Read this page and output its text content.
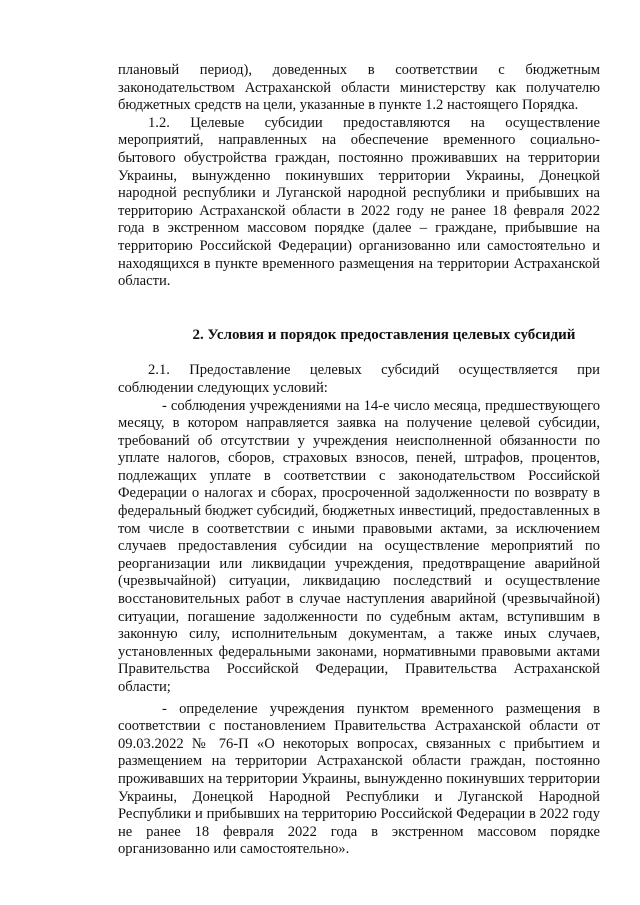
плановый период), доведенных в соответствии с бюджетным законодательством Астраханской области министерству как получателю бюджетных средств на цели, указанные в пункте 1.2 настоящего Порядка.

1.2. Целевые субсидии предоставляются на осуществление мероприятий, направленных на обеспечение временного социально-бытового обустройства граждан, постоянно проживавших на территории Украины, вынужденно покинувших территории Украины, Донецкой народной республики и Луганской народной республики и прибывших на территорию Астраханской области в 2022 году не ранее 18 февраля 2022 года в экстренном массовом порядке (далее – граждане, прибывшие на территорию Российской Федерации) организованно или самостоятельно и находящихся в пункте временного размещения на территории Астраханской области.

2. Условия и порядок предоставления целевых субсидий

2.1. Предоставление целевых субсидий осуществляется при соблюдении следующих условий:

- соблюдения учреждениями на 14-е число месяца, предшествующего месяцу, в котором направляется заявка на получение целевой субсидии, требований об отсутствии у учреждения неисполненной обязанности по уплате налогов, сборов, страховых взносов, пеней, штрафов, процентов, подлежащих уплате в соответствии с законодательством Российской Федерации о налогах и сборах, просроченной задолженности по возврату в федеральный бюджет субсидий, бюджетных инвестиций, предоставленных в том числе в соответствии с иными правовыми актами, за исключением случаев предоставления субсидии на осуществление мероприятий по реорганизации или ликвидации учреждения, предотвращение аварийной (чрезвычайной) ситуации, ликвидацию последствий и осуществление восстановительных работ в случае наступления аварийной (чрезвычайной) ситуации, погашение задолженности по судебным актам, вступившим в законную силу, исполнительным документам, а также иных случаев, установленных федеральными законами, нормативными правовыми актами Правительства Российской Федерации, Правительства Астраханской области;

- определение учреждения пунктом временного размещения в соответствии с постановлением Правительства Астраханской области от 09.03.2022 № 76-П «О некоторых вопросах, связанных с прибытием и размещением на территории Астраханской области граждан, постоянно проживавших на территории Украины, вынужденно покинувших территории Украины, Донецкой Народной Республики и Луганской Народной Республики и прибывших на территорию Российской Федерации в 2022 году не ранее 18 февраля 2022 года в экстренном массовом порядке организованно или самостоятельно».
